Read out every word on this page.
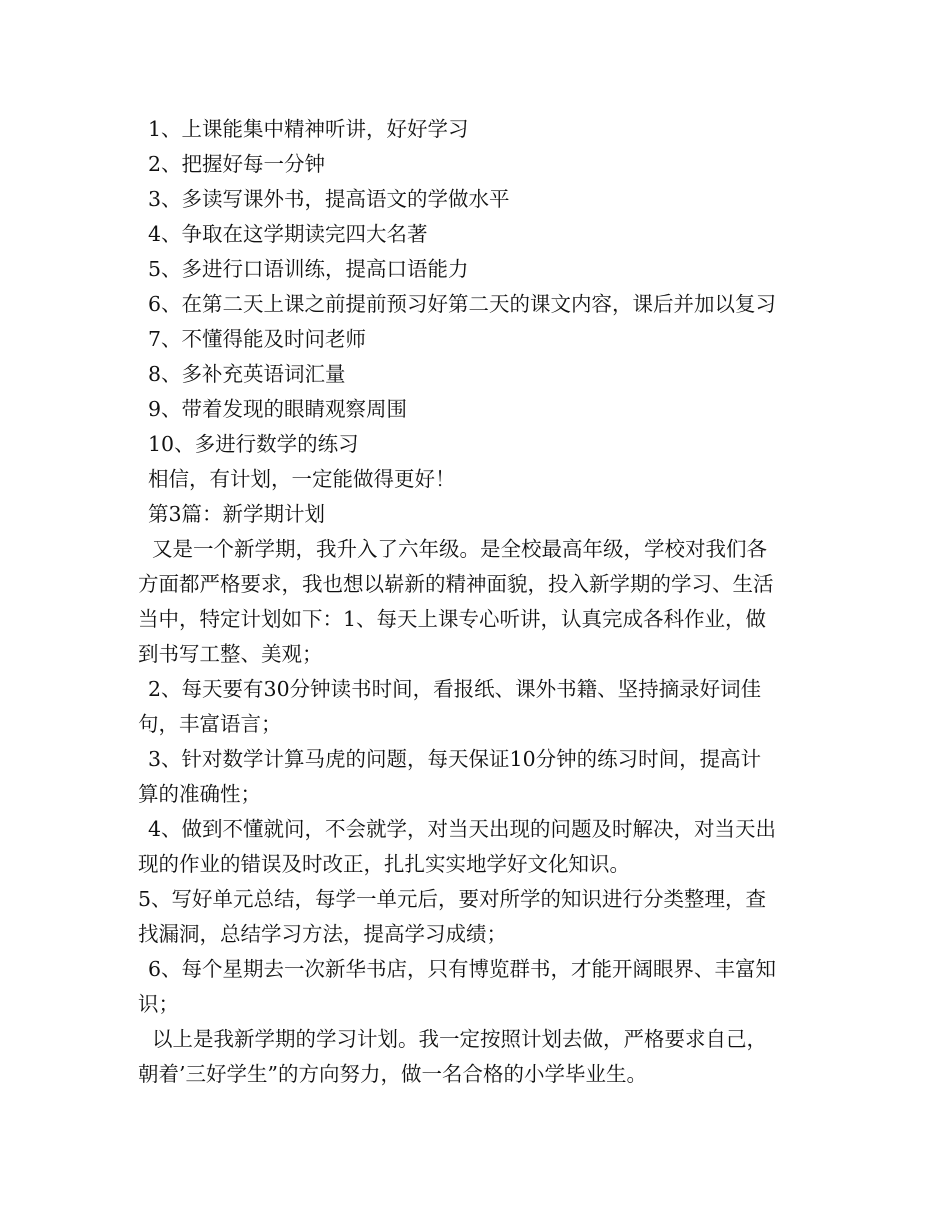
1、上课能集中精神听讲，好好学习
2、把握好每一分钟
3、多读写课外书，提高语文的学做水平
4、争取在这学期读完四大名著
5、多进行口语训练，提高口语能力
6、在第二天上课之前提前预习好第二天的课文内容，课后并加以复习
7、不懂得能及时问老师
8、多补充英语词汇量
9、带着发现的眼睛观察周围
10、多进行数学的练习
相信，有计划，一定能做得更好！
第3篇：新学期计划
又是一个新学期，我升入了六年级。是全校最高年级，学校对我们各
方面都严格要求，我也想以崭新的精神面貌，投入新学期的学习、生活
当中，特定计划如下：1、每天上课专心听讲，认真完成各科作业，做
到书写工整、美观；
2、每天要有30分钟读书时间，看报纸、课外书籍、坚持摘录好词佳
句，丰富语言；
3、针对数学计算马虎的问题，每天保证10分钟的练习时间，提高计
算的准确性；
4、做到不懂就问，不会就学，对当天出现的问题及时解决，对当天出
现的作业的错误及时改正，扎扎实实地学好文化知识。
5、写好单元总结，每学一单元后，要对所学的知识进行分类整理，查
找漏洞，总结学习方法，提高学习成绩；
6、每个星期去一次新华书店，只有博览群书，才能开阔眼界、丰富知
识；
以上是我新学期的学习计划。我一定按照计划去做，严格要求自己，
朝着’三好学生”的方向努力，做一名合格的小学毕业生。
